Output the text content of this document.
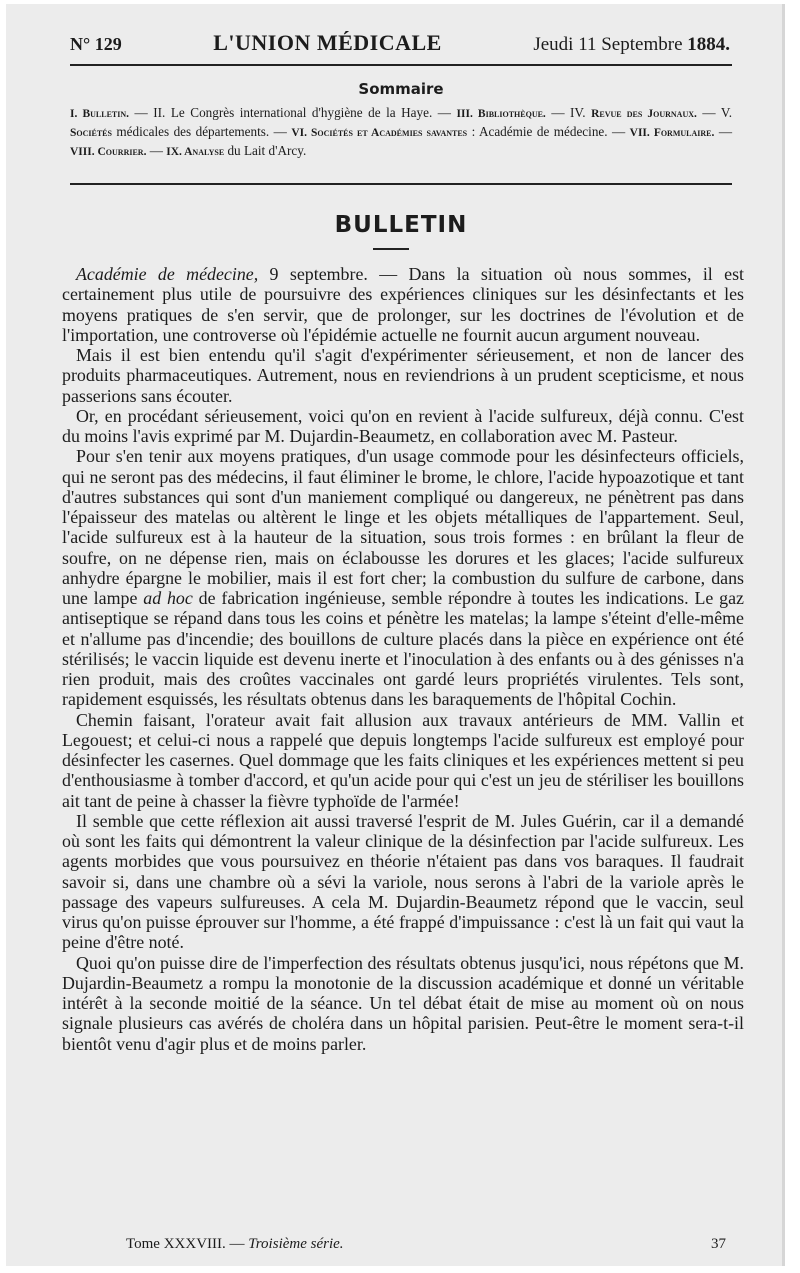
N° 129	L'UNION MÉDICALE	Jeudi 11 Septembre 1884.
Sommaire
I. Bulletin. — II. Le Congrès international d'hygiène de la Haye. — III. Bibliothèque. — IV. Revue des Journaux. — V. Sociétés médicales des départements. — VI. Sociétés et Académies savantes : Académie de médecine. — VII. Formulaire. — VIII. Courrier. — IX. Analyse du Lait d'Arcy.
BULLETIN

Académie de médecine, 9 septembre. — Dans la situation où nous sommes, il est certainement plus utile de poursuivre des expériences cliniques sur les désinfectants et les moyens pratiques de s'en servir, que de prolonger, sur les doctrines de l'évolution et de l'importation, une controverse où l'épidémie actuelle ne fournit aucun argument nouveau.

Mais il est bien entendu qu'il s'agit d'expérimenter sérieusement, et non de lancer des produits pharmaceutiques. Autrement, nous en reviendrions à un prudent scepticisme, et nous passerions sans écouter.

Or, en procédant sérieusement, voici qu'on en revient à l'acide sulfureux, déjà connu. C'est du moins l'avis exprimé par M. Dujardin-Beaumetz, en collaboration avec M. Pasteur.

Pour s'en tenir aux moyens pratiques, d'un usage commode pour les désinfecteurs officiels, qui ne seront pas des médecins, il faut éliminer le brome, le chlore, l'acide hypoazotique et tant d'autres substances qui sont d'un maniement compliqué ou dangereux, ne pénètrent pas dans l'épaisseur des matelas ou altèrent le linge et les objets métalliques de l'appartement. Seul, l'acide sulfureux est à la hauteur de la situation, sous trois formes : en brûlant la fleur de soufre, on ne dépense rien, mais on éclabousse les dorures et les glaces; l'acide sulfureux anhydre épargne le mobilier, mais il est fort cher; la combustion du sulfure de carbone, dans une lampe ad hoc de fabrication ingénieuse, semble répondre à toutes les indications. Le gaz antiseptique se répand dans tous les coins et pénètre les matelas; la lampe s'éteint d'elle-même et n'allume pas d'incendie; des bouillons de culture placés dans la pièce en expérience ont été stérilisés; le vaccin liquide est devenu inerte et l'inoculation à des enfants ou à des génisses n'a rien produit, mais des croûtes vaccinales ont gardé leurs propriétés virulentes. Tels sont, rapidement esquissés, les résultats obtenus dans les baraquements de l'hôpital Cochin.

Chemin faisant, l'orateur avait fait allusion aux travaux antérieurs de MM. Vallin et Legouest; et celui-ci nous a rappelé que depuis longtemps l'acide sulfureux est employé pour désinfecter les casernes. Quel dommage que les faits cliniques et les expériences mettent si peu d'enthousiasme à tomber d'accord, et qu'un acide pour qui c'est un jeu de stériliser les bouillons ait tant de peine à chasser la fièvre typhoïde de l'armée!

Il semble que cette réflexion ait aussi traversé l'esprit de M. Jules Guérin, car il a demandé où sont les faits qui démontrent la valeur clinique de la désinfection par l'acide sulfureux. Les agents morbides que vous poursuivez en théorie n'étaient pas dans vos baraques. Il faudrait savoir si, dans une chambre où a sévi la variole, nous serons à l'abri de la variole après le passage des vapeurs sulfureuses. A cela M. Dujardin-Beaumetz répond que le vaccin, seul virus qu'on puisse éprouver sur l'homme, a été frappé d'impuissance : c'est là un fait qui vaut la peine d'être noté.

Quoi qu'on puisse dire de l'imperfection des résultats obtenus jusqu'ici, nous répétons que M. Dujardin-Beaumetz a rompu la monotonie de la discussion académique et donné un véritable intérêt à la seconde moitié de la séance. Un tel débat était de mise au moment où on nous signale plusieurs cas avérés de choléra dans un hôpital parisien. Peut-être le moment sera-t-il bientôt venu d'agir plus et de moins parler.

Tome XXXVIII. — Troisième série.	37
